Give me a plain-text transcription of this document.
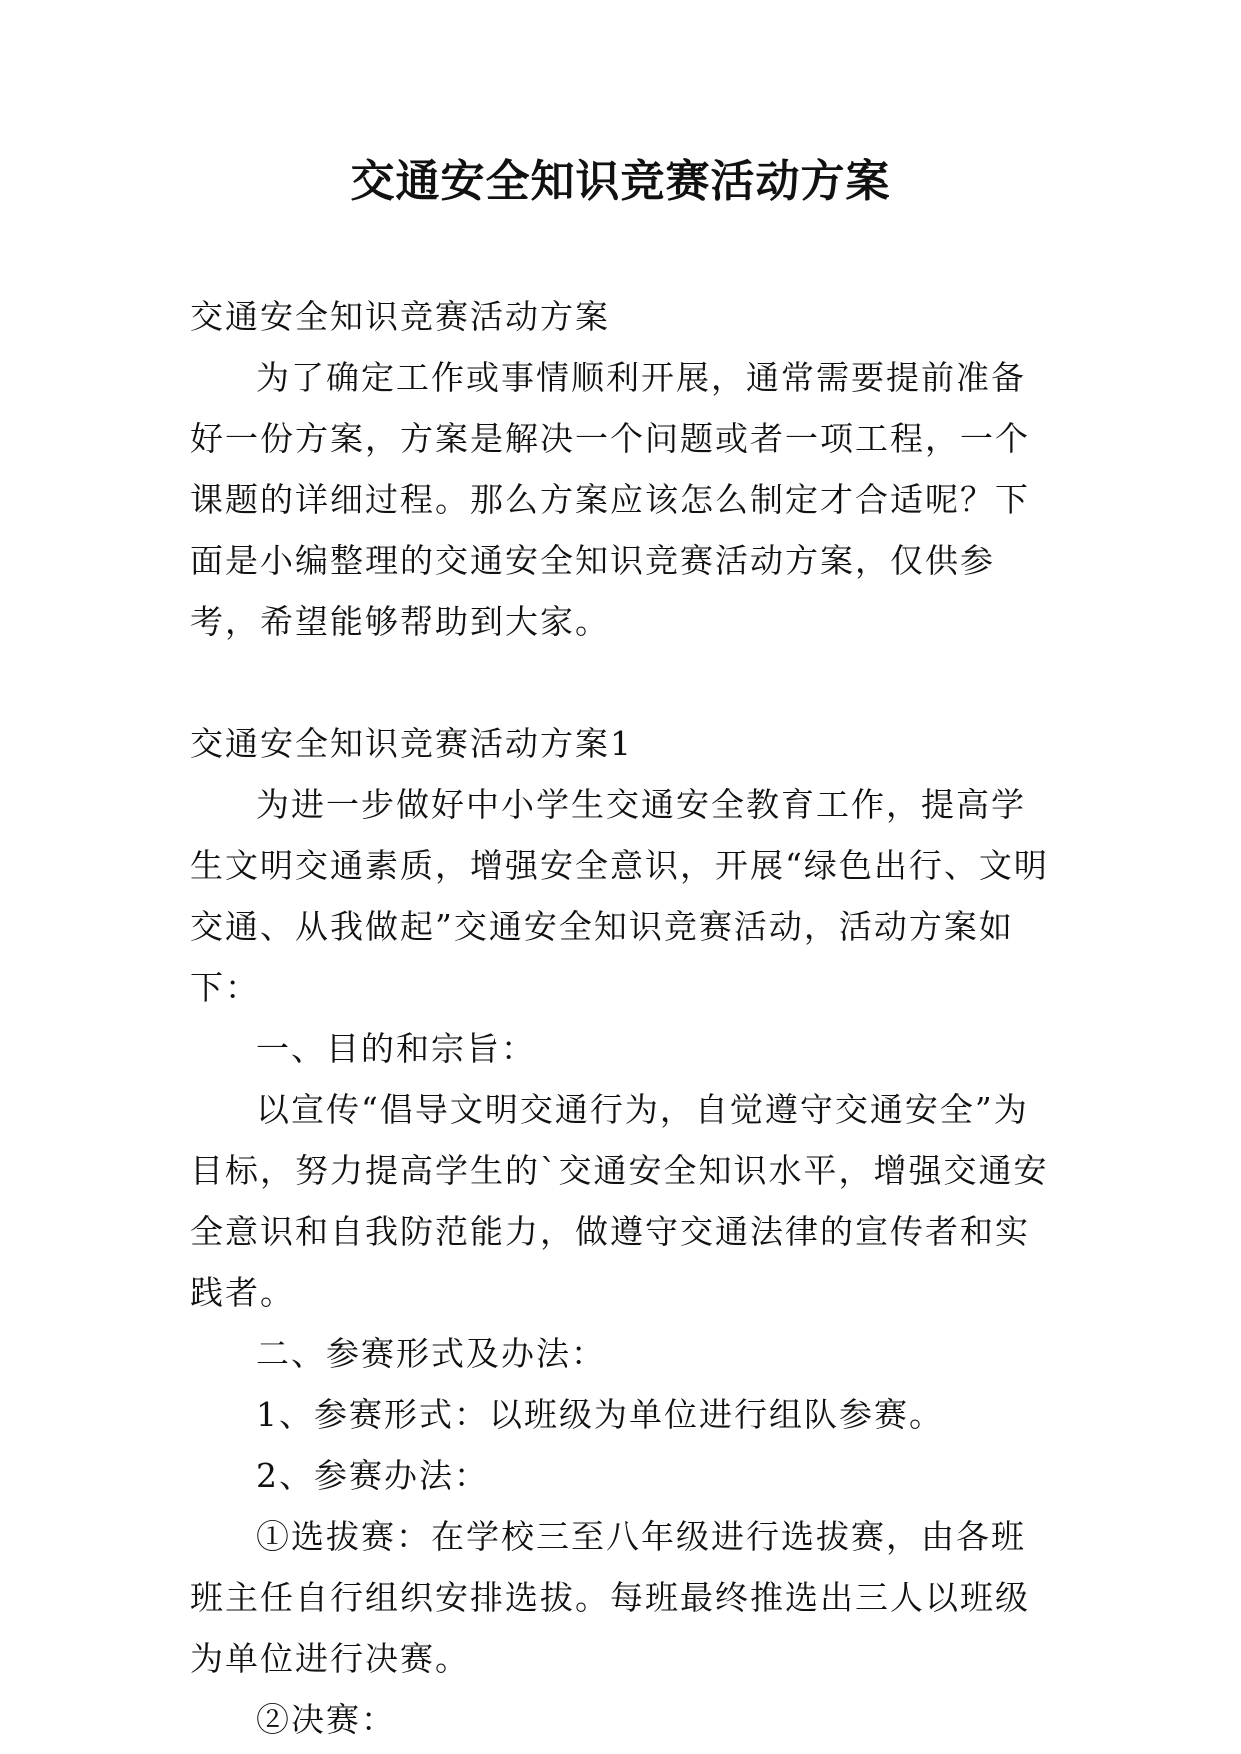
交通安全知识竞赛活动方案

交通安全知识竞赛活动方案

为了确定工作或事情顺利开展，通常需要提前准备好一份方案，方案是解决一个问题或者一项工程，一个课题的详细过程。那么方案应该怎么制定才合适呢？下面是小编整理的交通安全知识竞赛活动方案，仅供参考，希望能够帮助到大家。

交通安全知识竞赛活动方案1

为进一步做好中小学生交通安全教育工作，提高学生文明交通素质，增强安全意识，开展“绿色出行、文明交通、从我做起”交通安全知识竞赛活动，活动方案如下：

一、目的和宗旨：

以宣传“倡导文明交通行为，自觉遵守交通安全”为目标，努力提高学生的`交通安全知识水平，增强交通安全意识和自我防范能力，做遵守交通法律的宣传者和实践者。

二、参赛形式及办法：

1、参赛形式：以班级为单位进行组队参赛。

2、参赛办法：

①选拔赛：在学校三至八年级进行选拔赛，由各班班主任自行组织安排选拔。每班最终推选出三人以班级为单位进行决赛。

②决赛：
